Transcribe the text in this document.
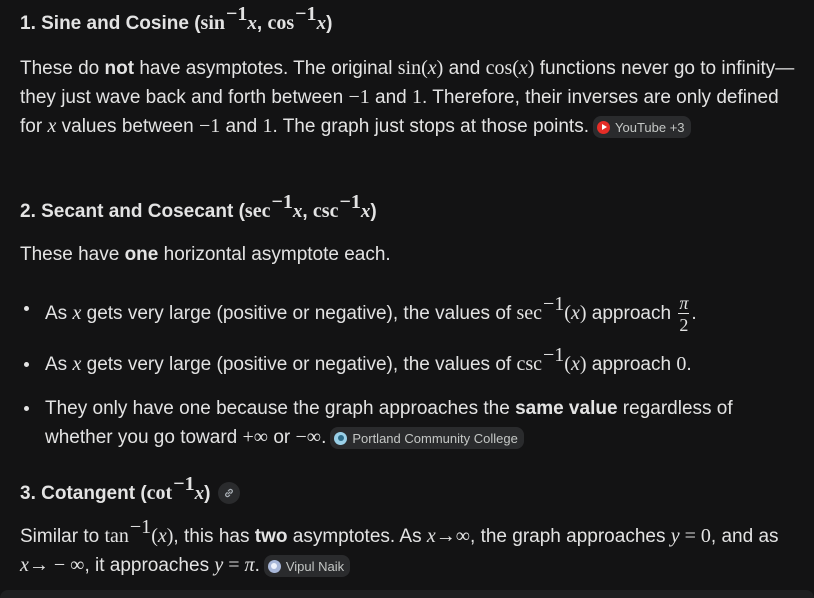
1. Sine and Cosine ($\sin^{-1}x$, $\cos^{-1}x$)
These do not have asymptotes. The original sin(x) and cos(x) functions never go to infinity—they just wave back and forth between −1 and 1. Therefore, their inverses are only defined for x values between −1 and 1. The graph just stops at those points. YouTube +3
2. Secant and Cosecant ($\sec^{-1}x$, $\csc^{-1}x$)
These have one horizontal asymptote each.
As x gets very large (positive or negative), the values of $\sec^{-1}(x)$ approach $\frac{\pi}{2}$ .
As x gets very large (positive or negative), the values of $\csc^{-1}(x)$ approach 0.
They only have one because the graph approaches the same value regardless of whether you go toward +∞ or −∞. Portland Community College
3. Cotangent $(\cot^{-1}x)$
Similar to $\tan^{-1}(x)$, this has two asymptotes. As x→∞, the graph approaches y = 0, and as x→ − ∞, it approaches y = π. Vipul Naik
